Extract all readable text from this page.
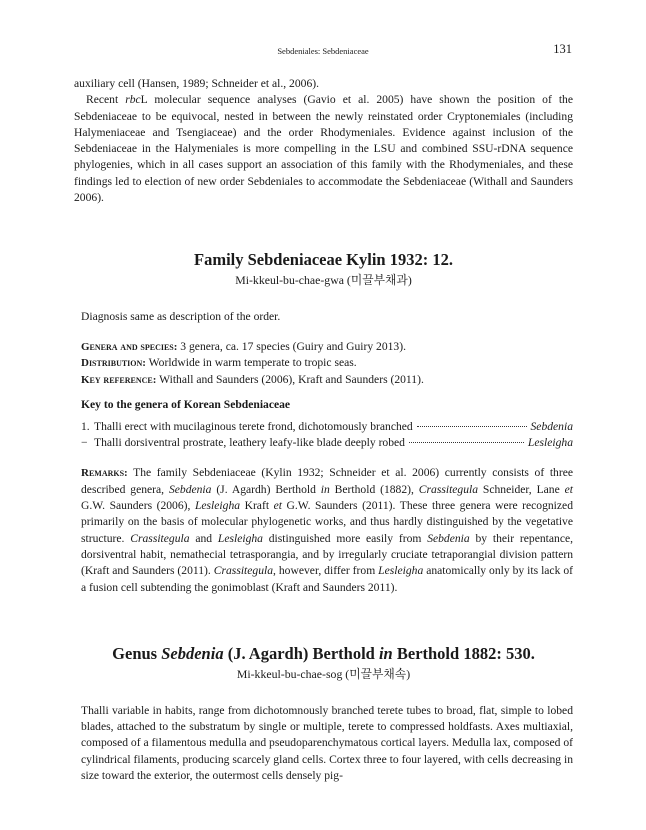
Sebdeniales: Sebdeniaceae	131

auxiliary cell (Hansen, 1989; Schneider et al., 2006).

Recent rbcL molecular sequence analyses (Gavio et al. 2005) have shown the position of the Sebdeniaceae to be equivocal, nested in between the newly reinstated order Cryptonemiales (including Halymeniaceae and Tsengiaceae) and the order Rhodymeniales. Evidence against inclusion of the Sebdeniaceae in the Halymeniales is more compelling in the LSU and combined SSU-rDNA sequence phylogenies, which in all cases support an association of this family with the Rhodymeniales, and these findings led to election of new order Sebdeniales to accommodate the Sebdeniaceae (Withall and Saunders 2006).

Family Sebdeniaceae Kylin 1932: 12.
Mi-kkeul-bu-chae-gwa (미끌부채과)

Diagnosis same as description of the order.

Genera and species: 3 genera, ca. 17 species (Guiry and Guiry 2013).
Distribution: Worldwide in warm temperate to tropic seas.
Key reference: Withall and Saunders (2006), Kraft and Saunders (2011).
Key to the genera of Korean Sebdeniaceae
1. Thalli erect with mucilaginous terete frond, dichotomously branched	Sebdenia
− Thalli dorsiventral prostrate, leathery leafy-like blade deeply robed	Lesleigha

Remarks: The family Sebdeniaceae (Kylin 1932; Schneider et al. 2006) currently consists of three described genera, Sebdenia (J. Agardh) Berthold in Berthold (1882), Crassitegula Schneider, Lane et G.W. Saunders (2006), Lesleigha Kraft et G.W. Saunders (2011). These three genera were recognized primarily on the basis of molecular phylogenetic works, and thus hardly distinguished by the vegetative structure. Crassitegula and Lesleigha distinguished more easily from Sebdenia by their repentance, dorsiventral habit, nemathecial tetrasporangia, and by irregularly cruciate tetraporangial division pattern (Kraft and Saunders (2011). Crassitegula, however, differ from Lesleigha anatomically only by its lack of a fusion cell subtending the gonimoblast (Kraft and Saunders 2011).

Genus Sebdenia (J. Agardh) Berthold in Berthold 1882: 530.
Mi-kkeul-bu-chae-sog (미끌부채속)

Thalli variable in habits, range from dichotomnously branched terete tubes to broad, flat, simple to lobed blades, attached to the substratum by single or multiple, terete to compressed holdfasts. Axes multiaxial, composed of a filamentous medulla and pseudoparenchymatous cortical layers. Medulla lax, composed of cylindrical filaments, producing scarcely gland cells. Cortex three to four layered, with cells decreasing in size toward the exterior, the outermost cells densely pig-
